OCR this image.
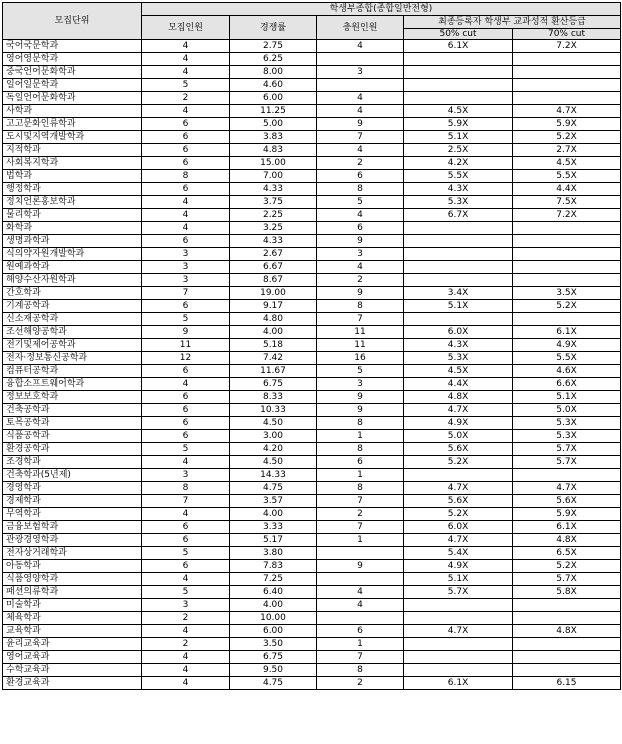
모집단위	학생부종합(종합일반전형)				
	모집인원	경쟁률	충원인원	최종등록자 학생부 교과성적 환산등급	
				50% cut	70% cut
국어국문학과	4	2.75	4	6.1X	7.2X
영어영문학과	4	6.25			
중국언어문화학과	4	8.00	3		
일어일문학과	5	4.60			
독일언어문화학과	2	6.00	4		
사학과	4	11.25	4	4.5X	4.7X
고고문화인류학과	6	5.00	9	5.9X	5.9X
도시및지역개발학과	6	3.83	7	5.1X	5.2X
지적학과	6	4.83	4	2.5X	2.7X
사회복지학과	6	15.00	2	4.2X	4.5X
법학과	8	7.00	6	5.5X	5.5X
행정학과	6	4.33	8	4.3X	4.4X
정치언론홍보학과	4	3.75	5	5.3X	7.5X
물리학과	4	2.25	4	6.7X	7.2X
화학과	4	3.25	6		
생명과학과	6	4.33	9		
식의약자원개발학과	3	2.67	3		
원예과학과	3	6.67	4		
해양수산자원학과	3	8.67	2		
간호학과	7	19.00	9	3.4X	3.5X
기계공학과	6	9.17	8	5.1X	5.2X
신소재공학과	5	4.80	7		
조선해양공학과	9	4.00	11	6.0X	6.1X
전기및제어공학과	11	5.18	11	4.3X	4.9X
전자·정보통신공학과	12	7.42	16	5.3X	5.5X
컴퓨터공학과	6	11.67	5	4.5X	4.6X
융합소프트웨어학과	4	6.75	3	4.4X	6.6X
정보보호학과	6	8.33	9	4.8X	5.1X
건축공학과	6	10.33	9	4.7X	5.0X
토목공학과	6	4.50	8	4.9X	5.3X
식품공학과	6	3.00	1	5.0X	5.3X
환경공학과	5	4.20	8	5.6X	5.7X
조경학과	4	4.50	6	5.2X	5.7X
건축학과(5년제)	3	14.33	1		
경영학과	8	4.75	8	4.7X	4.7X
경제학과	7	3.57	7	5.6X	5.6X
무역학과	4	4.00	2	5.2X	5.9X
금융보험학과	6	3.33	7	6.0X	6.1X
관광경영학과	6	5.17	1	4.7X	4.8X
전자상거래학과	5	3.80		5.4X	6.5X
아동학과	6	7.83	9	4.9X	5.2X
식품영양학과	4	7.25		5.1X	5.7X
패션의류학과	5	6.40	4	5.7X	5.8X
미술학과	3	4.00	4		
체육학과	2	10.00			
교육학과	4	6.00	6	4.7X	4.8X
윤리교육과	2	3.50	1		
영어교육과	4	6.75	7		
수학교육과	4	9.50	8		
환경교육과	4	4.75	2	6.1X	6.15
